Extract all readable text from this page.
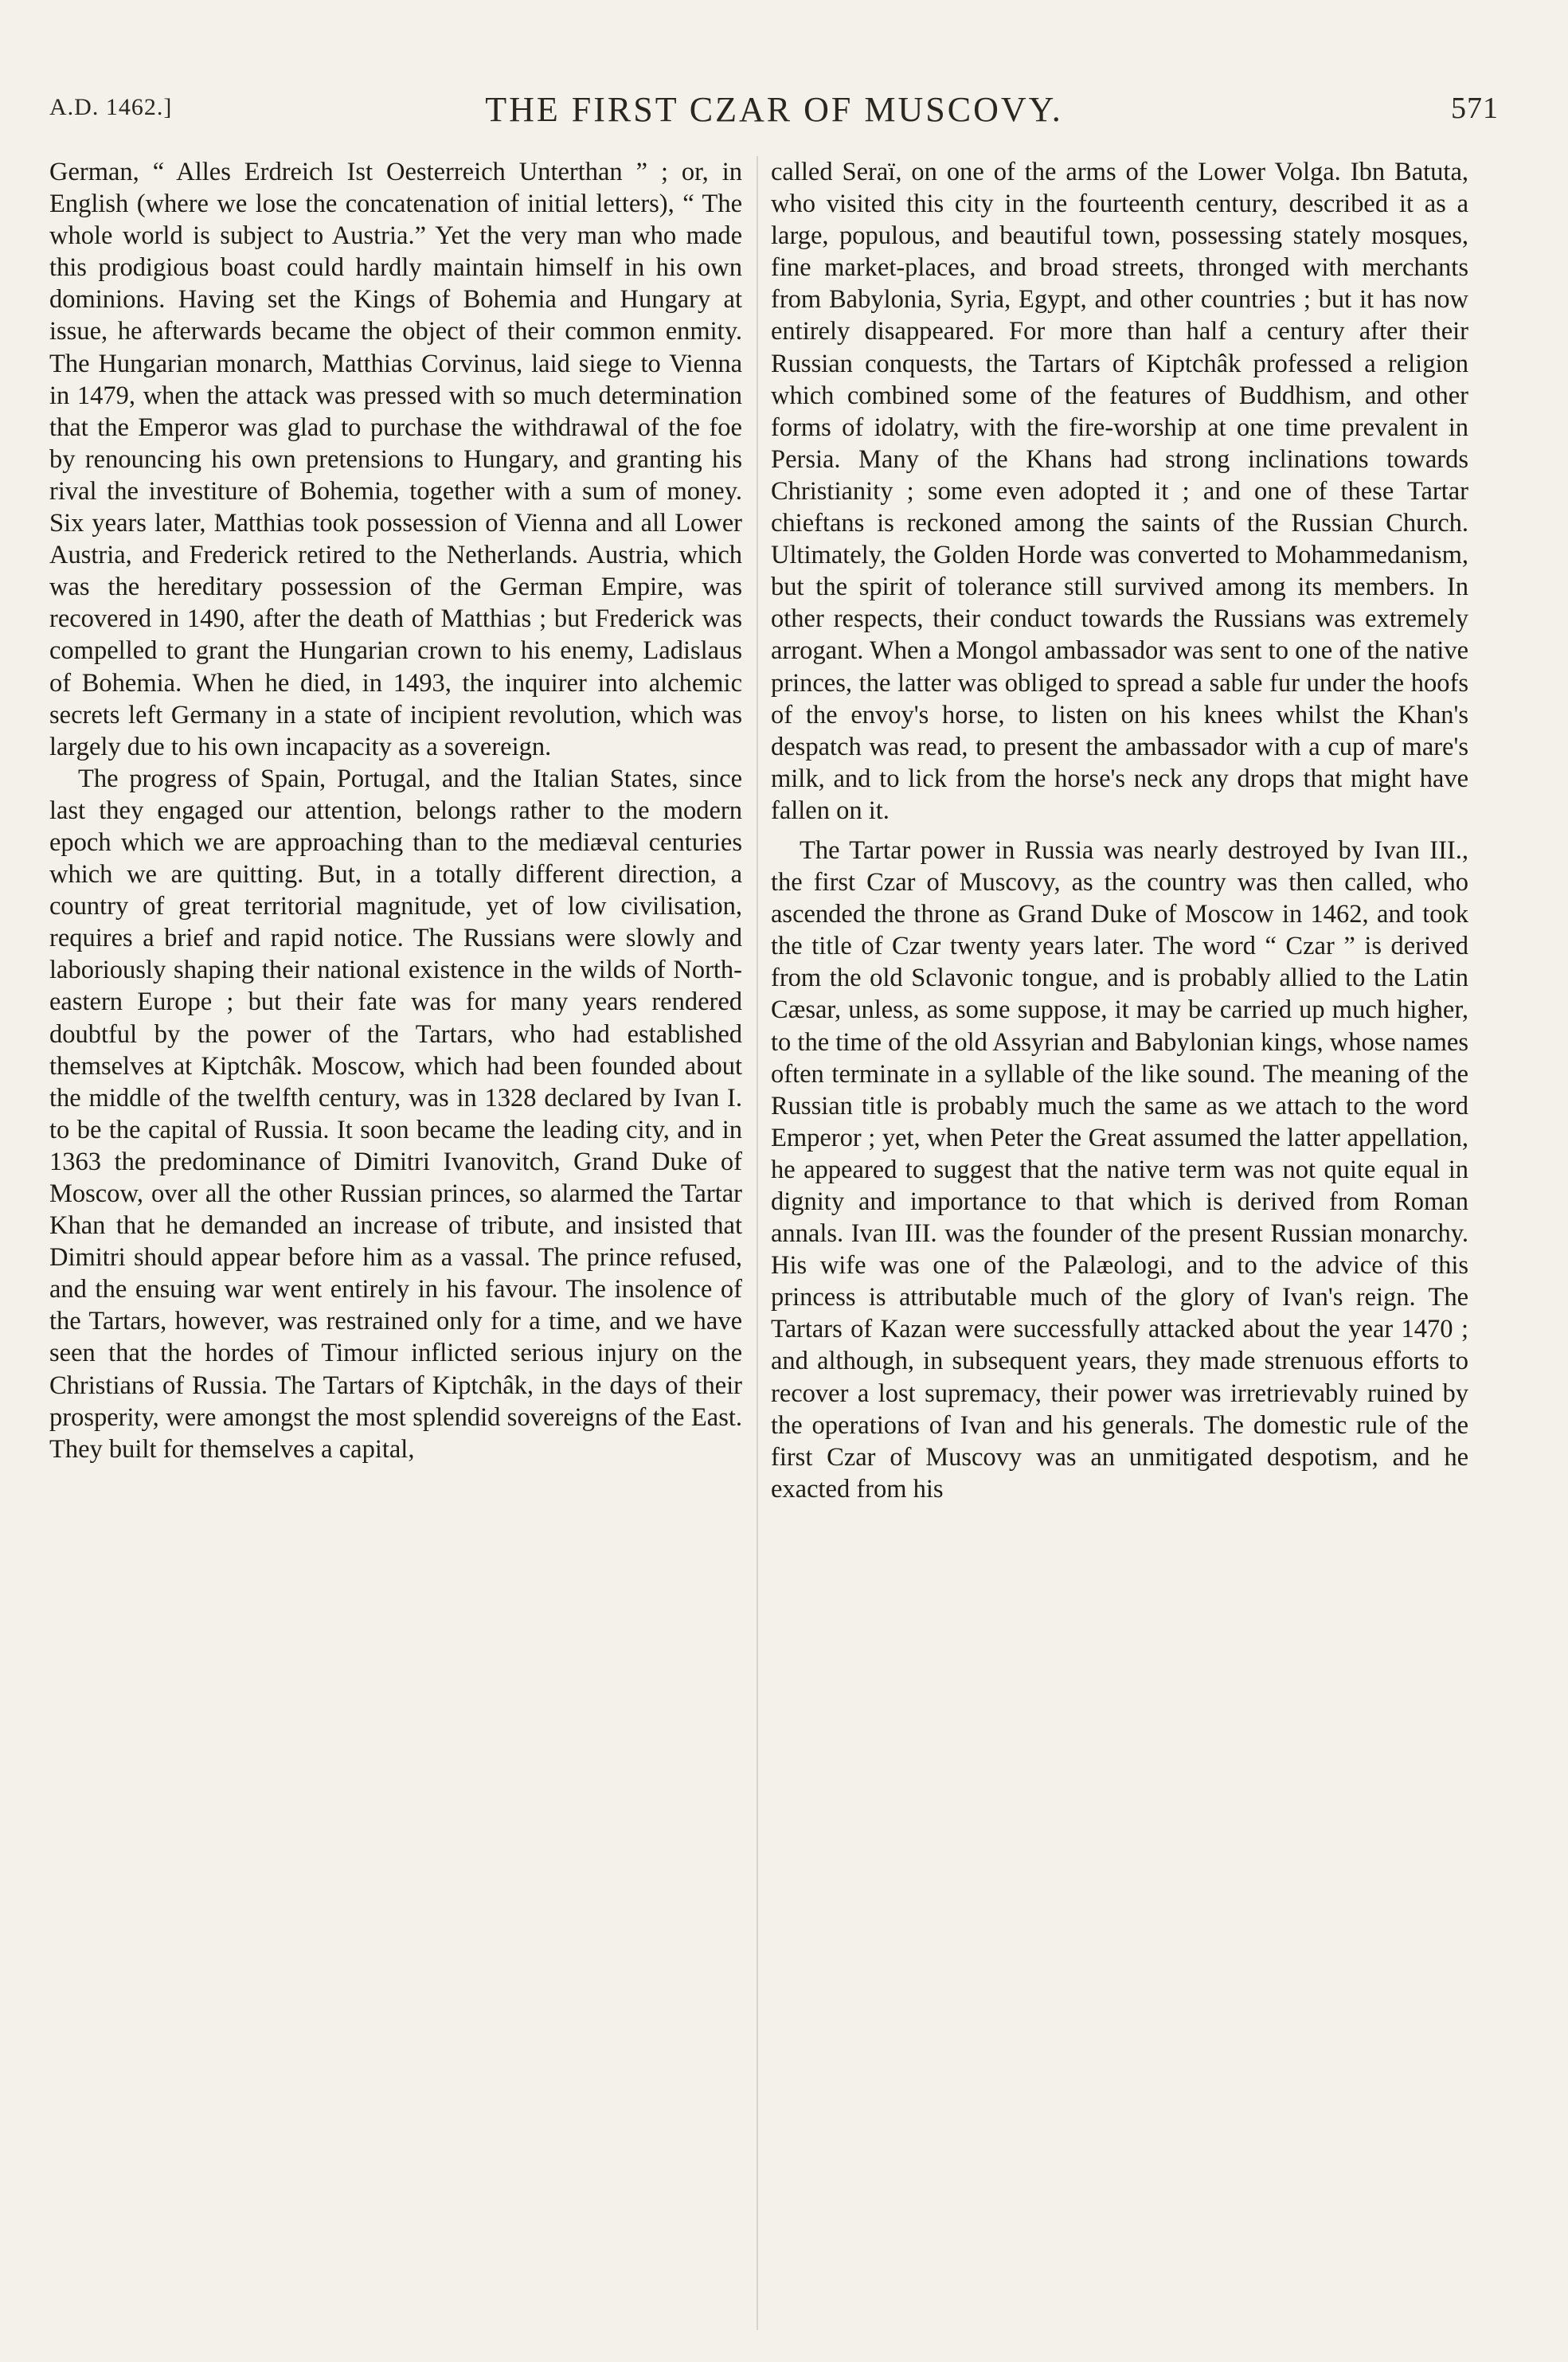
A.D. 1462.]	THE FIRST CZAR OF MUSCOVY.	571

German, “ Alles Erdreich Ist Oesterreich Unterthan ” ; or, in English (where we lose the concatenation of initial letters), “ The whole world is subject to Austria.” Yet the very man who made this prodigious boast could hardly maintain himself in his own dominions. Having set the Kings of Bohemia and Hungary at issue, he afterwards became the object of their common enmity. The Hungarian monarch, Matthias Corvinus, laid siege to Vienna in 1479, when the attack was pressed with so much determination that the Emperor was glad to purchase the withdrawal of the foe by renouncing his own pretensions to Hungary, and granting his rival the investiture of Bohemia, together with a sum of money. Six years later, Matthias took possession of Vienna and all Lower Austria, and Frederick retired to the Netherlands. Austria, which was the hereditary possession of the German Empire, was recovered in 1490, after the death of Matthias ; but Frederick was compelled to grant the Hungarian crown to his enemy, Ladislaus of Bohemia. When he died, in 1493, the inquirer into alchemic secrets left Germany in a state of incipient revolution, which was largely due to his own incapacity as a sovereign.

The progress of Spain, Portugal, and the Italian States, since last they engaged our attention, belongs rather to the modern epoch which we are approaching than to the mediæval centuries which we are quitting. But, in a totally different direction, a country of great territorial magnitude, yet of low civilisation, requires a brief and rapid notice. The Russians were slowly and laboriously shaping their national existence in the wilds of North-eastern Europe ; but their fate was for many years rendered doubtful by the power of the Tartars, who had established themselves at Kiptchâk. Moscow, which had been founded about the middle of the twelfth century, was in 1328 declared by Ivan I. to be the capital of Russia. It soon became the leading city, and in 1363 the predominance of Dimitri Ivanovitch, Grand Duke of Moscow, over all the other Russian princes, so alarmed the Tartar Khan that he demanded an increase of tribute, and insisted that Dimitri should appear before him as a vassal. The prince refused, and the ensuing war went entirely in his favour. The insolence of the Tartars, however, was restrained only for a time, and we have seen that the hordes of Timour inflicted serious injury on the Christians of Russia. The Tartars of Kiptchâk, in the days of their prosperity, were amongst the most splendid sovereigns of the East. They built for themselves a capital,

called Seraï, on one of the arms of the Lower Volga. Ibn Batuta, who visited this city in the fourteenth century, described it as a large, populous, and beautiful town, possessing stately mosques, fine market-places, and broad streets, thronged with merchants from Babylonia, Syria, Egypt, and other countries ; but it has now entirely disappeared. For more than half a century after their Russian conquests, the Tartars of Kiptchâk professed a religion which combined some of the features of Buddhism, and other forms of idolatry, with the fire-worship at one time prevalent in Persia. Many of the Khans had strong inclinations towards Christianity ; some even adopted it ; and one of these Tartar chieftans is reckoned among the saints of the Russian Church. Ultimately, the Golden Horde was converted to Mohammedanism, but the spirit of tolerance still survived among its members. In other respects, their conduct towards the Russians was extremely arrogant. When a Mongol ambassador was sent to one of the native princes, the latter was obliged to spread a sable fur under the hoofs of the envoy's horse, to listen on his knees whilst the Khan's despatch was read, to present the ambassador with a cup of mare's milk, and to lick from the horse's neck any drops that might have fallen on it.

The Tartar power in Russia was nearly destroyed by Ivan III., the first Czar of Muscovy, as the country was then called, who ascended the throne as Grand Duke of Moscow in 1462, and took the title of Czar twenty years later. The word “ Czar ” is derived from the old Sclavonic tongue, and is probably allied to the Latin Cæsar, unless, as some suppose, it may be carried up much higher, to the time of the old Assyrian and Babylonian kings, whose names often terminate in a syllable of the like sound. The meaning of the Russian title is probably much the same as we attach to the word Emperor ; yet, when Peter the Great assumed the latter appellation, he appeared to suggest that the native term was not quite equal in dignity and importance to that which is derived from Roman annals. Ivan III. was the founder of the present Russian monarchy. His wife was one of the Palæologi, and to the advice of this princess is attributable much of the glory of Ivan's reign. The Tartars of Kazan were successfully attacked about the year 1470 ; and although, in subsequent years, they made strenuous efforts to recover a lost supremacy, their power was irretrievably ruined by the operations of Ivan and his generals. The domestic rule of the first Czar of Muscovy was an unmitigated despotism, and he exacted from his
